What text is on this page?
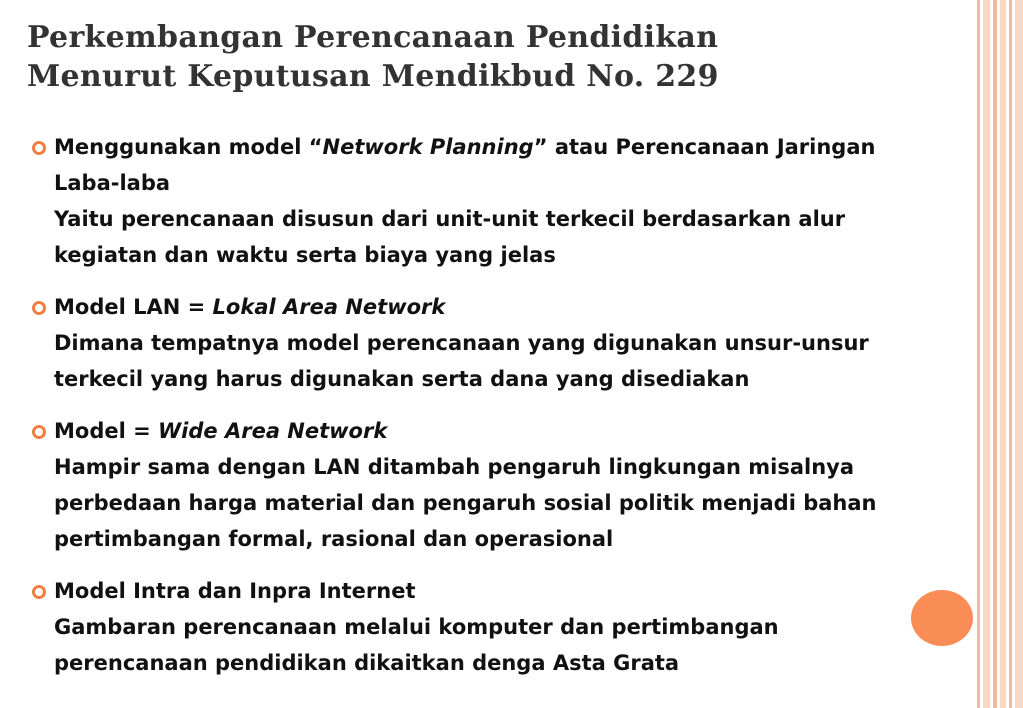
Perkembangan Perencanaan Pendidikan
Menurut Keputusan Mendikbud No. 229
Menggunakan model “Network Planning” atau Perencanaan Jaringan
Laba-laba
Yaitu perencanaan disusun dari unit-unit terkecil berdasarkan alur
kegiatan dan waktu serta biaya yang jelas
Model LAN = Lokal Area Network
Dimana tempatnya model perencanaan yang digunakan unsur-unsur
terkecil yang harus digunakan serta dana yang disediakan
Model = Wide Area Network
Hampir sama dengan LAN ditambah pengaruh lingkungan misalnya
perbedaan harga material dan pengaruh sosial politik menjadi bahan
pertimbangan formal, rasional dan operasional
Model Intra dan Inpra Internet
Gambaran perencanaan melalui komputer dan pertimbangan
perencanaan pendidikan dikaitkan denga Asta Grata
